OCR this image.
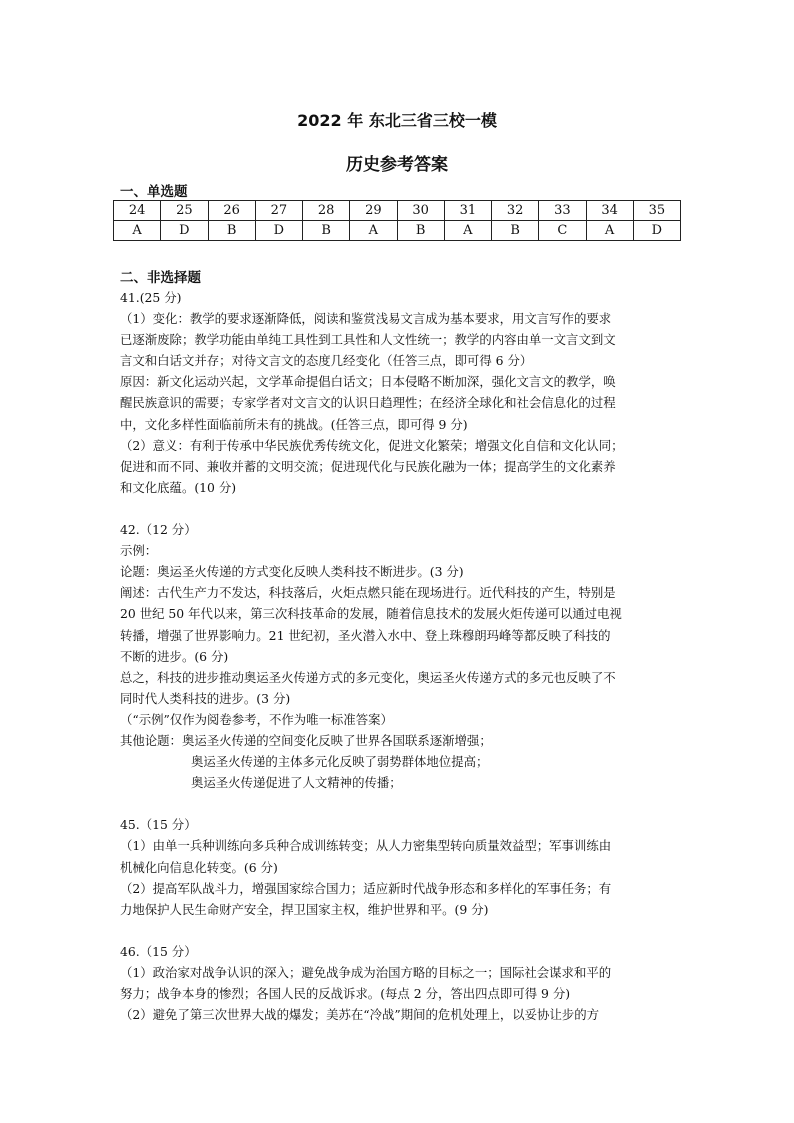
2022 年 东北三省三校一模
历史参考答案
一、单选题
24	25	26	27	28	29	30	31	32	33	34	35
A	D	B	D	B	A	B	A	B	C	A	D
二、非选择题

41.(25 分)

（1）变化：教学的要求逐渐降低，阅读和鉴赏浅易文言成为基本要求，用文言写作的要求

已逐渐废除；教学功能由单纯工具性到工具性和人文性统一；教学的内容由单一文言文到文

言文和白话文并存；对待文言文的态度几经变化（任答三点，即可得 6 分）

原因：新文化运动兴起，文学革命提倡白话文；日本侵略不断加深，强化文言文的教学，唤

醒民族意识的需要；专家学者对文言文的认识日趋理性；在经济全球化和社会信息化的过程

中，文化多样性面临前所未有的挑战。(任答三点，即可得 9 分)

（2）意义：有利于传承中华民族优秀传统文化，促进文化繁荣；增强文化自信和文化认同；

促进和而不同、兼收并蓄的文明交流；促进现代化与民族化融为一体；提高学生的文化素养

和文化底蕴。(10 分)

42.（12 分）

示例：

论题：奥运圣火传递的方式变化反映人类科技不断进步。(3 分)

阐述：古代生产力不发达，科技落后，火炬点燃只能在现场进行。近代科技的产生，特别是

20 世纪 50 年代以来，第三次科技革命的发展，随着信息技术的发展火炬传递可以通过电视

转播，增强了世界影响力。21 世纪初，圣火潜入水中、登上珠穆朗玛峰等都反映了科技的

不断的进步。(6 分)

总之，科技的进步推动奥运圣火传递方式的多元变化，奥运圣火传递方式的多元也反映了不

同时代人类科技的进步。(3 分)

（“示例”仅作为阅卷参考，不作为唯一标准答案）

其他论题：奥运圣火传递的空间变化反映了世界各国联系逐渐增强；

奥运圣火传递的主体多元化反映了弱势群体地位提高；

奥运圣火传递促进了人文精神的传播；

45.（15 分）

（1）由单一兵种训练向多兵种合成训练转变；从人力密集型转向质量效益型；军事训练由

机械化向信息化转变。(6 分)

（2）提高军队战斗力，增强国家综合国力；适应新时代战争形态和多样化的军事任务；有

力地保护人民生命财产安全，捍卫国家主权，维护世界和平。(9 分)

46.（15 分）

（1）政治家对战争认识的深入；避免战争成为治国方略的目标之一；国际社会谋求和平的

努力；战争本身的惨烈；各国人民的反战诉求。(每点 2 分，答出四点即可得 9 分)

（2）避免了第三次世界大战的爆发；美苏在“冷战”期间的危机处理上，以妥协让步的方
